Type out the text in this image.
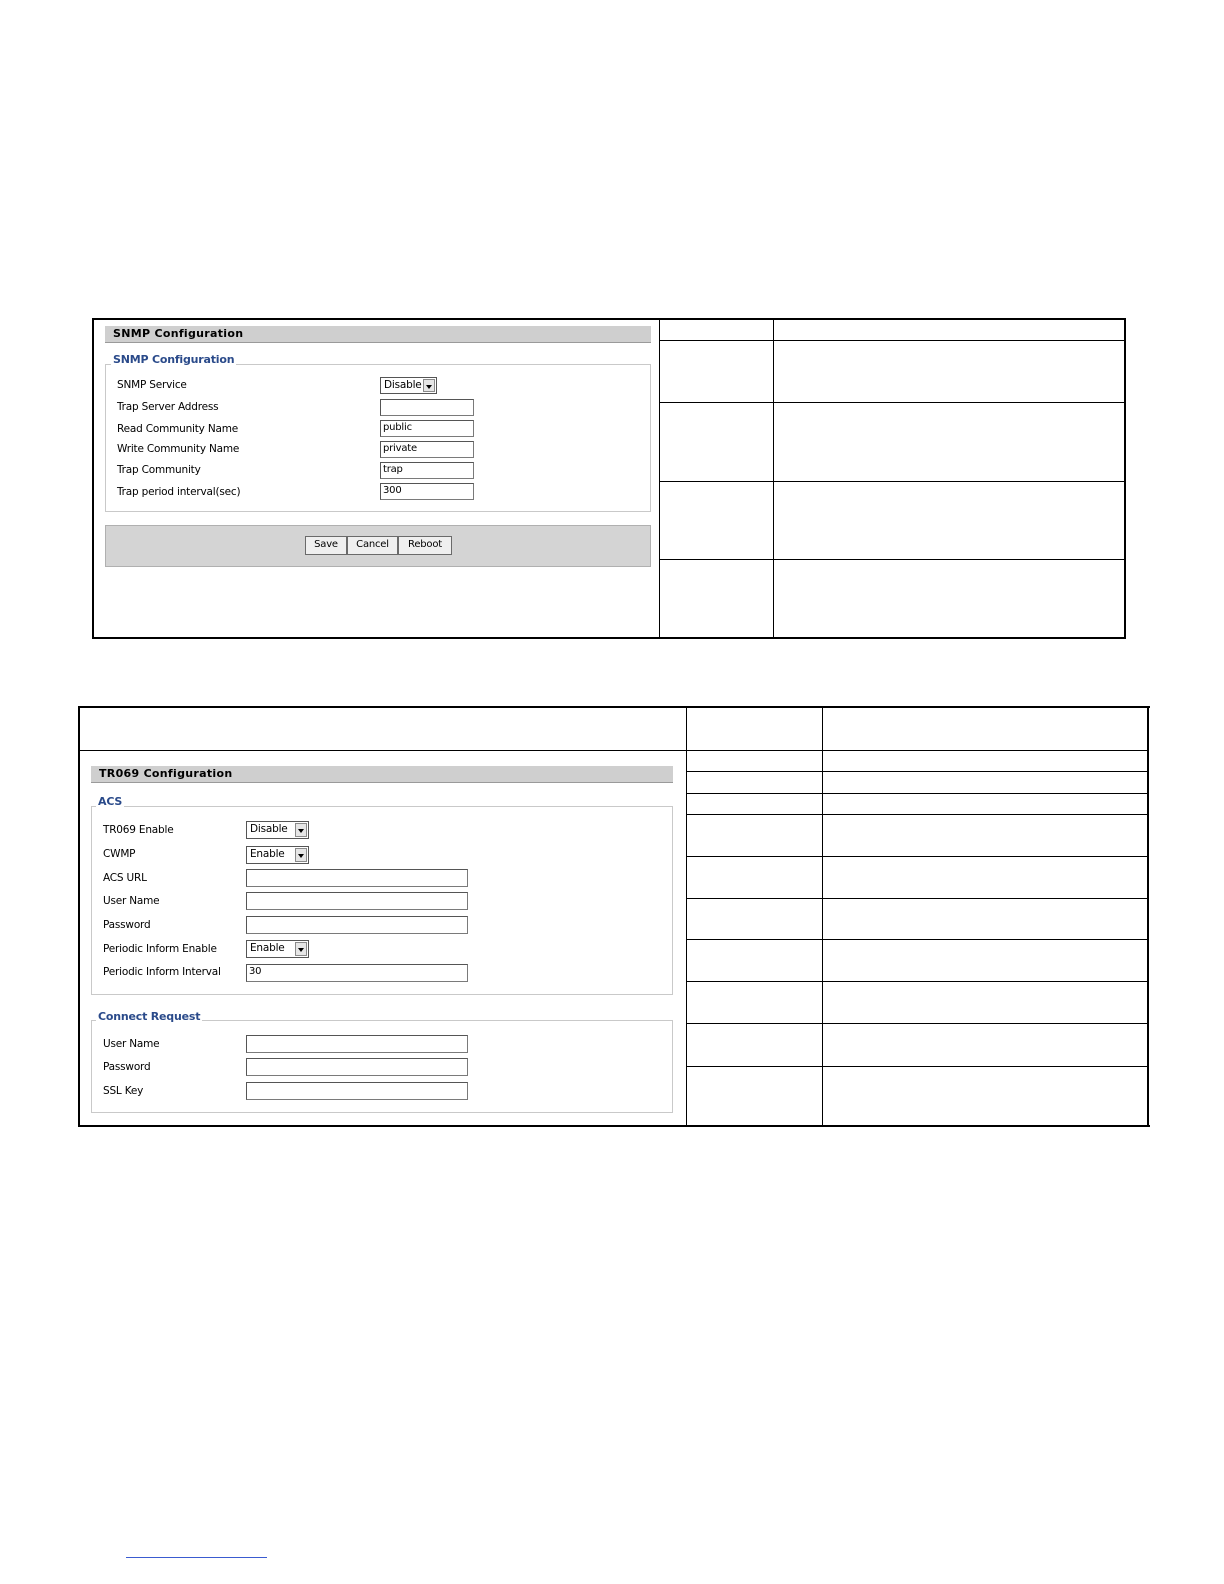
SNMP Configuration
SNMP Configuration
SNMP Service	Disable
Trap Server Address
Read Community Name	public
Write Community Name	private
Trap Community	trap
Trap period interval(sec)	300
Save	Cancel	Reboot
TR069 Configuration
ACS
TR069 Enable	Disable
CWMP	Enable
ACS URL
User Name
Password
Periodic Inform Enable	Enable
Periodic Inform Interval	30
Connect Request
User Name
Password
SSL Key
